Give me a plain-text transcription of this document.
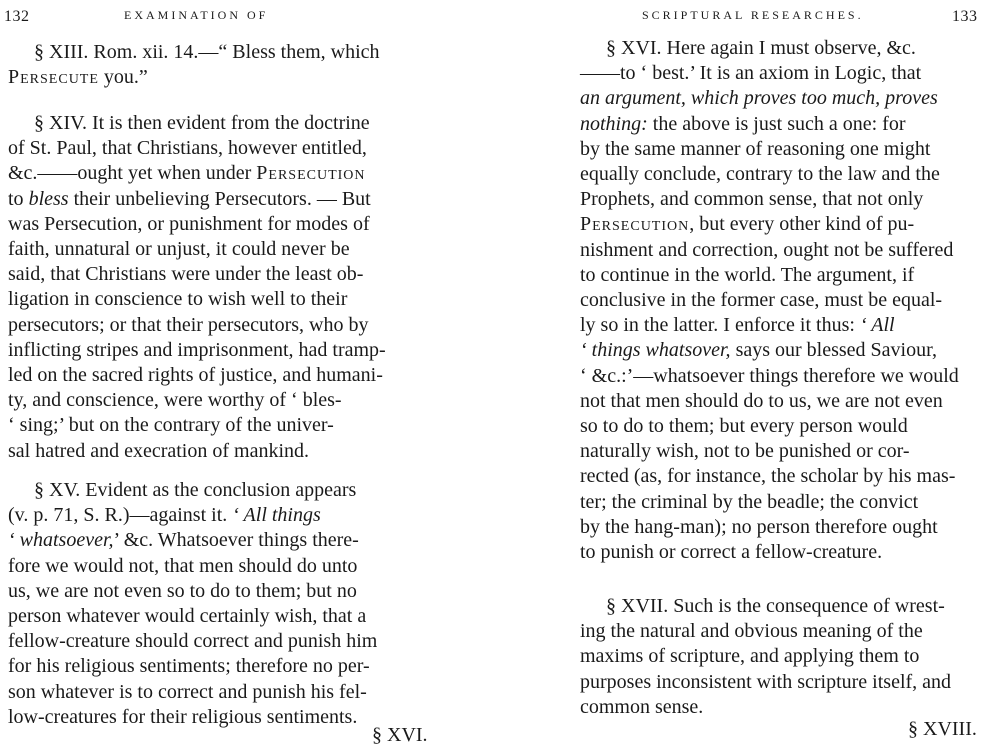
132	EXAMINATION OF

§ XIII. Rom. xii. 14.—“ Bless them, which

Persecute you.”

§ XIV. It is then evident from the doctrine

of St. Paul, that Christians, however entitled,

&c.——ought yet when under Persecution

to bless their unbelieving Persecutors. — But

was Persecution, or punishment for modes of

faith, unnatural or unjust, it could never be

said, that Christians were under the least ob-

ligation in conscience to wish well to their

persecutors; or that their persecutors, who by

inflicting stripes and imprisonment, had tramp-

led on the sacred rights of justice, and humani-

ty, and conscience, were worthy of ‘ bles-

‘ sing;’ but on the contrary of the univer-

sal hatred and execration of mankind.

§ XV. Evident as the conclusion appears

(v. p. 71, S. R.)—against it. ‘ All things

‘ whatsoever,’ &c. Whatsoever things there-

fore we would not, that men should do unto

us, we are not even so to do to them; but no

person whatever would certainly wish, that a

fellow-creature should correct and punish him

for his religious sentiments; therefore no per-

son whatever is to correct and punish his fel-

low-creatures for their religious sentiments.

§ XVI.
SCRIPTURAL RESEARCHES.	133

§ XVI. Here again I must observe, &c.

——to ‘ best.’ It is an axiom in Logic, that

an argument, which proves too much, proves

nothing: the above is just such a one: for

by the same manner of reasoning one might

equally conclude, contrary to the law and the

Prophets, and common sense, that not only

Persecution, but every other kind of pu-

nishment and correction, ought not be suffered

to continue in the world. The argument, if

conclusive in the former case, must be equal-

ly so in the latter. I enforce it thus: ‘ All

‘ things whatsover, says our blessed Saviour,

‘ &c.:’—whatsoever things therefore we would

not that men should do to us, we are not even

so to do to them; but every person would

naturally wish, not to be punished or cor-

rected (as, for instance, the scholar by his mas-

ter; the criminal by the beadle; the convict

by the hang-man); no person therefore ought

to punish or correct a fellow-creature.

§ XVII. Such is the consequence of wrest-

ing the natural and obvious meaning of the

maxims of scripture, and applying them to

purposes inconsistent with scripture itself, and

common sense.

§ XVIII.
